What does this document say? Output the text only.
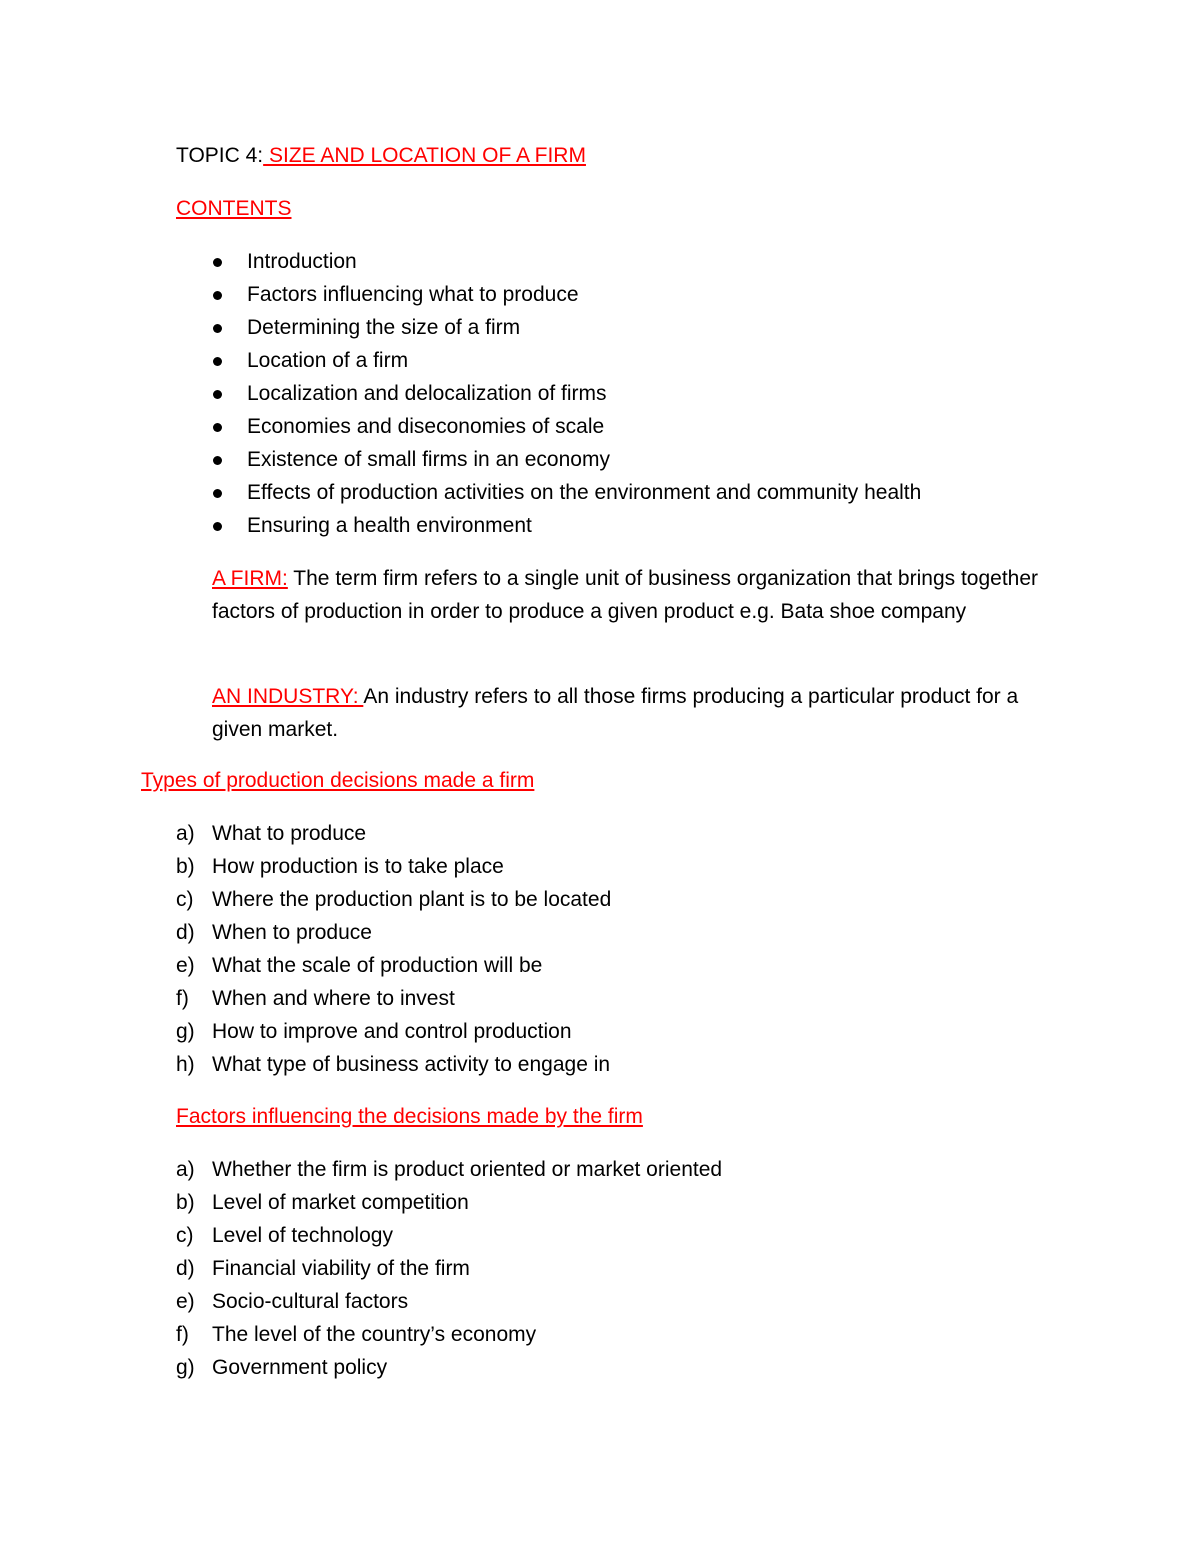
TOPIC 4: SIZE AND LOCATION OF A FIRM
CONTENTS
Introduction
Factors influencing what to produce
Determining the size of a firm
Location of a firm
Localization and delocalization of firms
Economies and diseconomies of scale
Existence of small firms in an economy
Effects of production activities on the environment and community health
Ensuring a health environment
A FIRM: The term firm refers to a single unit of business organization that brings together factors of production in order to produce a given product e.g. Bata shoe company
AN INDUSTRY: An industry refers to all those firms producing a particular product for a given market.
Types of production decisions made a firm
a) What to produce
b) How production is to take place
c) Where the production plant is to be located
d) When to produce
e) What the scale of production will be
f) When and where to invest
g) How to improve and control production
h) What type of business activity to engage in
Factors influencing the decisions made by the firm
a) Whether the firm is product oriented or market oriented
b) Level of market competition
c) Level of technology
d) Financial viability of the firm
e) Socio-cultural factors
f) The level of the country’s economy
g) Government policy
